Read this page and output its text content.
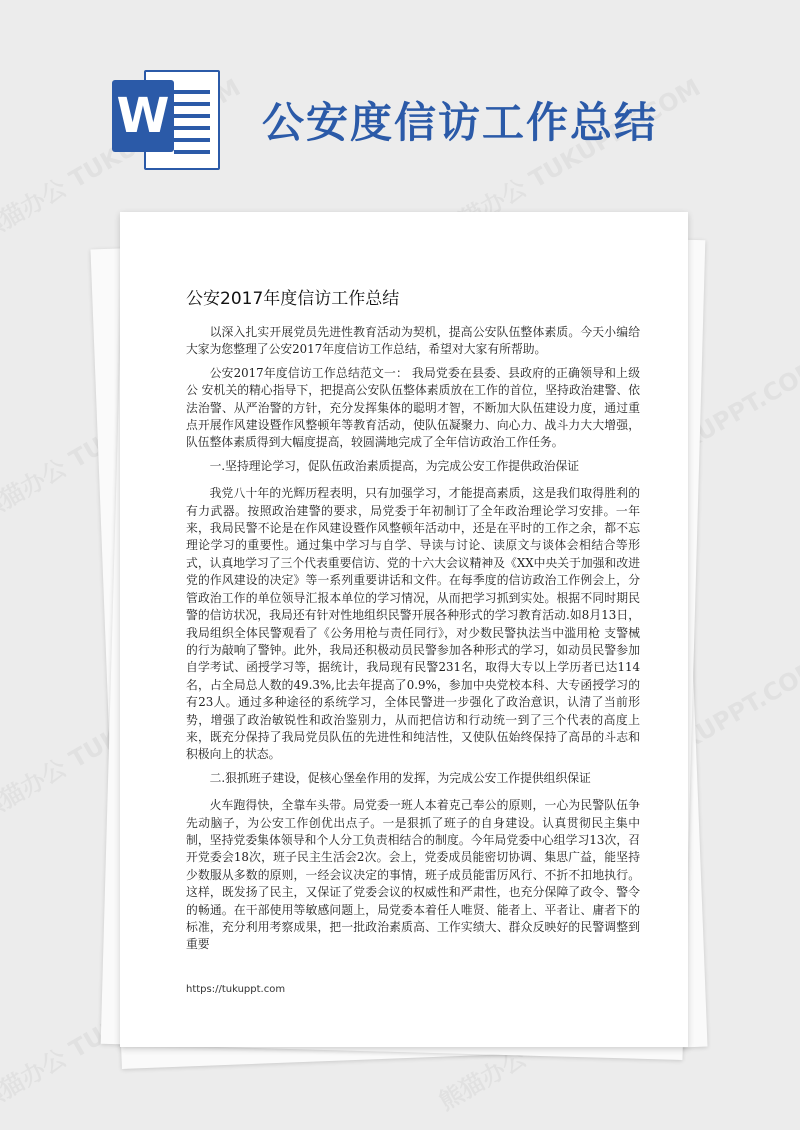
W 公安度信访工作总结
公安2017年度信访工作总结

以深入扎实开展党员先进性教育活动为契机，提高公安队伍整体素质。今天小编给大家为您整理了公安2017年度信访工作总结，希望对大家有所帮助。

公安2017年度信访工作总结范文一： 我局党委在县委、县政府的正确领导和上级公 安机关的精心指导下，把提高公安队伍整体素质放在工作的首位，坚持政治建警、依法治警、从严治警的方针，充分发挥集体的聪明才智，不断加大队伍建设力度，通过重点开展作风建设暨作风整顿年等教育活动，使队伍凝聚力、向心力、战斗力大大增强，队伍整体素质得到大幅度提高，较圆满地完成了全年信访政治工作任务。

一.坚持理论学习，促队伍政治素质提高，为完成公安工作提供政治保证

我党八十年的光辉历程表明，只有加强学习，才能提高素质，这是我们取得胜利的有力武器。按照政治建警的要求，局党委于年初制订了全年政治理论学习安排。一年来，我局民警不论是在作风建设暨作风整顿年活动中，还是在平时的工作之余，都不忘理论学习的重要性。通过集中学习与自学、导读与讨论、读原文与谈体会相结合等形式，认真地学习了三个代表重要信访、党的十六大会议精神及《XX中央关于加强和改进党的作风建设的决定》等一系列重要讲话和文件。在每季度的信访政治工作例会上，分管政治工作的单位领导汇报本单位的学习情况，从而把学习抓到实处。根据不同时期民警的信访状况，我局还有针对性地组织民警开展各种形式的学习教育活动.如8月13日，我局组织全体民警观看了《公务用枪与责任同行》，对少数民警执法当中滥用枪 支警械的行为敲响了警钟。此外，我局还积极动员民警参加各种形式的学习，如动员民警参加自学考试、函授学习等，据统计，我局现有民警231名，取得大专以上学历者已达114名，占全局总人数的49.3%,比去年提高了0.9%，参加中央党校本科、大专函授学习的有23人。通过多种途径的系统学习，全体民警进一步强化了政治意识，认清了当前形势，增强了政治敏锐性和政治鉴别力，从而把信访和行动统一到了三个代表的高度上来，既充分保持了我局党员队伍的先进性和纯洁性，又使队伍始终保持了高昂的斗志和积极向上的状态。

二.狠抓班子建设，促核心堡垒作用的发挥，为完成公安工作提供组织保证

火车跑得快，全靠车头带。局党委一班人本着克己奉公的原则，一心为民警队伍争先动脑子，为公安工作创优出点子。一是狠抓了班子的自身建设。认真贯彻民主集中制，坚持党委集体领导和个人分工负责相结合的制度。今年局党委中心组学习13次，召开党委会18次，班子民主生活会2次。会上，党委成员能密切协调、集思广益，能坚持少数服从多数的原则，一经会议决定的事情，班子成员能雷厉风行、不折不扣地执行。这样，既发扬了民主，又保证了党委会议的权威性和严肃性，也充分保障了政令、警令的畅通。在干部使用等敏感问题上，局党委本着任人唯贤、能者上、平者让、庸者下的标准，充分利用考察成果，把一批政治素质高、工作实绩大、群众反映好的民警调整到重要

https://tukuppt.com
